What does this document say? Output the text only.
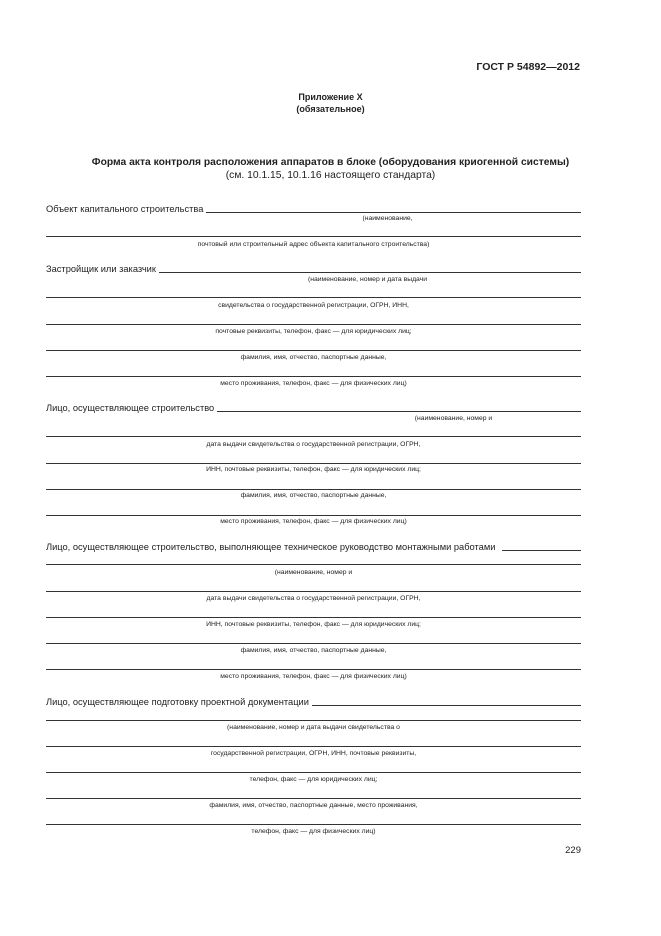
ГОСТ Р 54892—2012
Приложение X
(обязательное)
Форма акта контроля расположения аппаратов в блоке (оборудования криогенной системы)
(см. 10.1.15, 10.1.16 настоящего стандарта)
Объект капитального строительства
(наименование,
почтовый или строительный адрес объекта капитального строительства)
Застройщик или заказчик
(наименование, номер и дата выдачи
свидетельства о государственной регистрации, ОГРН, ИНН,
почтовые реквизиты, телефон, факс — для юридических лиц;
фамилия, имя, отчество, паспортные данные,
место проживания, телефон, факс — для физических лиц)
Лицо, осуществляющее строительство
(наименование, номер и
дата выдачи свидетельства о государственной регистрации, ОГРН,
ИНН, почтовые реквизиты, телефон, факс — для юридических лиц;
фамилия, имя, отчество, паспортные данные,
место проживания, телефон, факс — для физических лиц)
Лицо, осуществляющее строительство, выполняющее техническое руководство монтажными работами
(наименование, номер и
дата выдачи свидетельства о государственной регистрации, ОГРН,
ИНН, почтовые реквизиты, телефон, факс — для юридических лиц;
фамилия, имя, отчество, паспортные данные,
место проживания, телефон, факс — для физических лиц)
Лицо, осуществляющее подготовку проектной документации
(наименование, номер и дата выдачи свидетельства о
государственной регистрации, ОГРН, ИНН, почтовые реквизиты,
телефон, факс — для юридических лиц;
фамилия, имя, отчество, паспортные данные, место проживания,
телефон, факс — для физических лиц)
229
